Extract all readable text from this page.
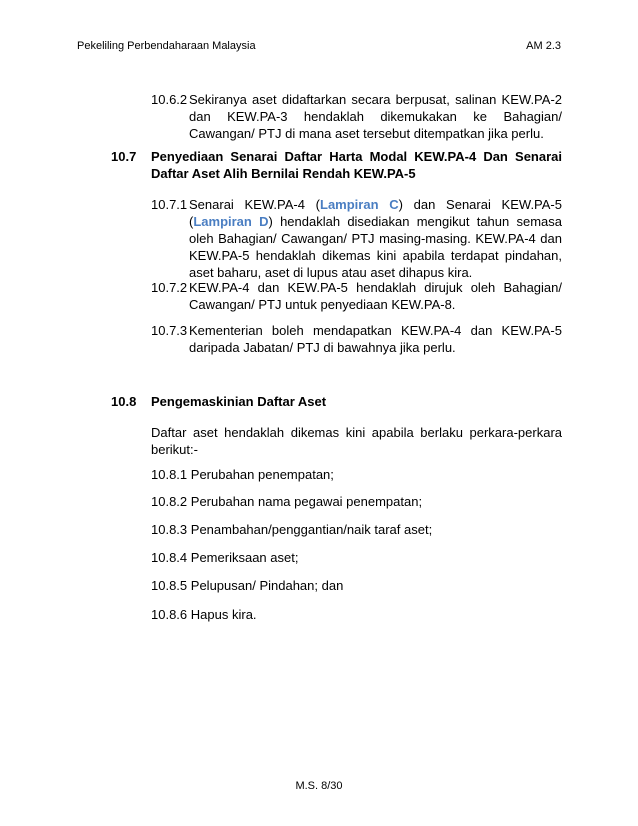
Pekeliling Perbendaharaan Malaysia	AM 2.3
10.6.2 Sekiranya aset didaftarkan secara berpusat, salinan KEW.PA-2 dan KEW.PA-3 hendaklah dikemukakan ke Bahagian/ Cawangan/ PTJ di mana aset tersebut ditempatkan jika perlu.
10.7 Penyediaan Senarai Daftar Harta Modal KEW.PA-4 Dan Senarai Daftar Aset Alih Bernilai Rendah KEW.PA-5
10.7.1 Senarai KEW.PA-4 (Lampiran C) dan Senarai KEW.PA-5 (Lampiran D) hendaklah disediakan mengikut tahun semasa oleh Bahagian/ Cawangan/ PTJ masing-masing. KEW.PA-4 dan KEW.PA-5 hendaklah dikemas kini apabila terdapat pindahan, aset baharu, aset di lupus atau aset dihapus kira.
10.7.2 KEW.PA-4 dan KEW.PA-5 hendaklah dirujuk oleh Bahagian/ Cawangan/ PTJ untuk penyediaan KEW.PA-8.
10.7.3 Kementerian boleh mendapatkan KEW.PA-4 dan KEW.PA-5 daripada Jabatan/ PTJ di bawahnya jika perlu.
10.8 Pengemaskinian Daftar Aset
Daftar aset hendaklah dikemas kini apabila berlaku perkara-perkara berikut:-
10.8.1 Perubahan penempatan;
10.8.2 Perubahan nama pegawai penempatan;
10.8.3 Penambahan/penggantian/naik taraf aset;
10.8.4 Pemeriksaan aset;
10.8.5 Pelupusan/ Pindahan; dan
10.8.6 Hapus kira.
M.S. 8/30
